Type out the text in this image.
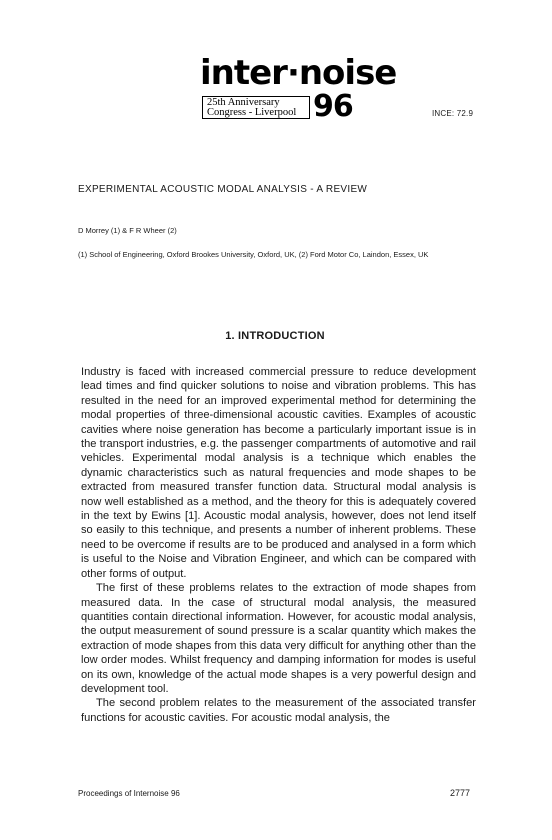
inter·noise
25th Anniversary
Congress - Liverpool 96	INCE: 72.9
EXPERIMENTAL ACOUSTIC MODAL ANALYSIS - A REVIEW
D Morrey (1) & F R Wheer (2)
(1) School of Engineering, Oxford Brookes University, Oxford, UK, (2) Ford Motor Co, Laindon, Essex, UK
1. INTRODUCTION

Industry is faced with increased commercial pressure to reduce development lead times and find quicker solutions to noise and vibration problems. This has resulted in the need for an improved experimental method for determining the modal properties of three-dimensional acoustic cavities. Examples of acoustic cavities where noise generation has become a particularly important issue is in the transport industries, e.g. the passenger compartments of automotive and rail vehicles. Experimental modal analysis is a technique which enables the dynamic characteristics such as natural frequencies and mode shapes to be extracted from measured transfer function data. Structural modal analysis is now well established as a method, and the theory for this is adequately covered in the text by Ewins [1]. Acoustic modal analysis, however, does not lend itself so easily to this technique, and presents a number of inherent problems. These need to be overcome if results are to be produced and analysed in a form which is useful to the Noise and Vibration Engineer, and which can be compared with other forms of output.

The first of these problems relates to the extraction of mode shapes from measured data. In the case of structural modal analysis, the measured quantities contain directional information. However, for acoustic modal analysis, the output measurement of sound pressure is a scalar quantity which makes the extraction of mode shapes from this data very difficult for anything other than the low order modes. Whilst frequency and damping information for modes is useful on its own, knowledge of the actual mode shapes is a very powerful design and development tool.

The second problem relates to the measurement of the associated transfer functions for acoustic cavities. For acoustic modal analysis, the

Proceedings of Internoise 96	2777
